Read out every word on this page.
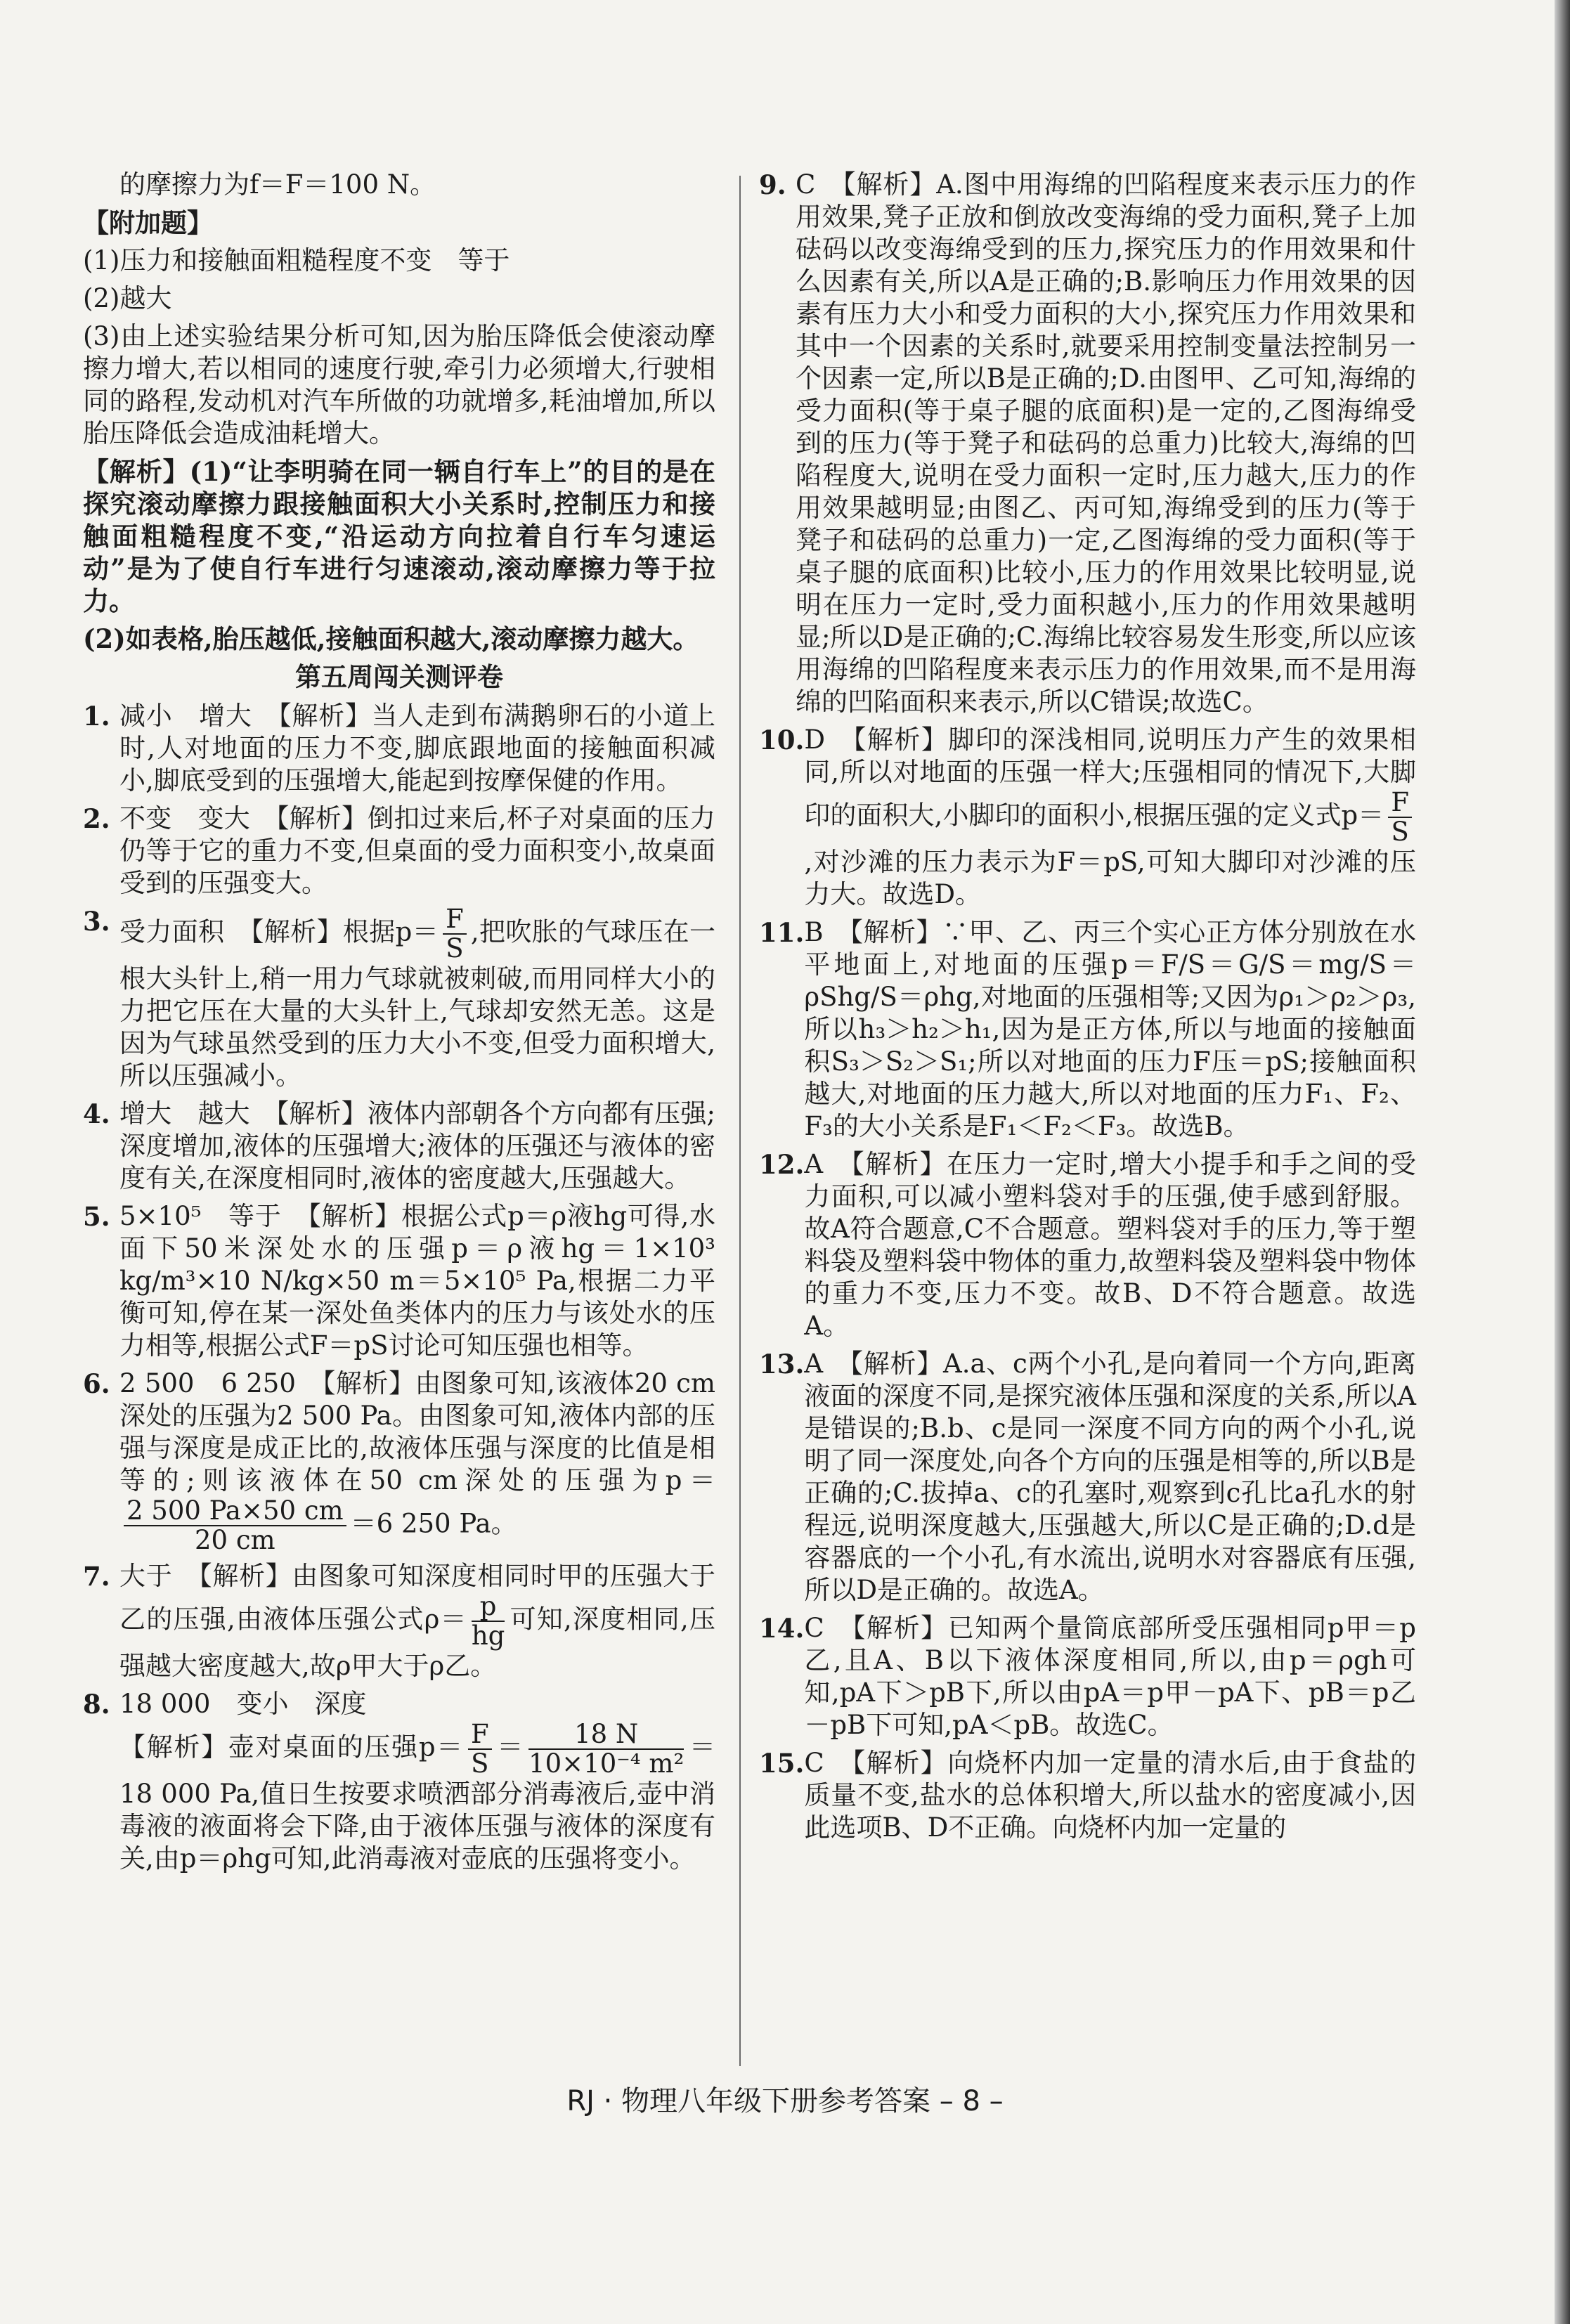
的摩擦力为f＝F＝100 N。
【附加题】
(1)压力和接触面粗糙程度不变　等于
(2)越大
(3)由上述实验结果分析可知,因为胎压降低会使滚动摩擦力增大,若以相同的速度行驶,牵引力必须增大,行驶相同的路程,发动机对汽车所做的功就增多,耗油增加,所以胎压降低会造成油耗增大。
【解析】(1)“让李明骑在同一辆自行车上”的目的是在探究滚动摩擦力跟接触面积大小关系时,控制压力和接触面粗糙程度不变,“沿运动方向拉着自行车匀速运动”是为了使自行车进行匀速滚动,滚动摩擦力等于拉力。
(2)如表格,胎压越低,接触面积越大,滚动摩擦力越大。
第五周闯关测评卷
1. 减小　增大　【解析】当人走到布满鹅卵石的小道上时,人对地面的压力不变,脚底跟地面的接触面积减小,脚底受到的压强增大,能起到按摩保健的作用。
2. 不变　变大　【解析】倒扣过来后,杯子对桌面的压力仍等于它的重力不变,但桌面的受力面积变小,故桌面受到的压强变大。
3. 受力面积　【解析】根据$p= \frac{F}{S}$ ,把吹胀的气球压在一根大头针上,稍一用力气球就被刺破,而用同样大小的力把它压在大量的大头针上,气球却安然无恙。这是因为气球虽然受到的压力大小不变,但受力面积增大,所以压强减小。
4. 增大　越大　【解析】液体内部朝各个方向都有压强;深度增加,液体的压强增大;液体的压强还与液体的密度有关,在深度相同时,液体的密度越大,压强越大。
5. 5×10⁵　等于　【解析】根据公式p＝ρ液hg可得,水面下50米深处水的压强p＝ρ液hg＝1×10³ kg/m³×10 N/kg×50 m＝5×10⁵ Pa,根据二力平衡可知,停在某一深处鱼类体内的压力与该处水的压力相等,根据公式F＝pS讨论可知压强也相等。
6. 2 500　6 250　【解析】由图象可知,该液体20 cm深处的压强为2 500 Pa。由图象可知,液体内部的压强与深度是成正比的,故液体压强与深度的比值是相等的;则该液体在50 cm深处的压强为p＝
$\frac{2 500 Pa\times 50 cm}{20 cm} =6$ 250 Pa。
7. 大于　【解析】由图象可知深度相同时甲的压强大于乙的压强,由液体压强公式$\rho= \frac{p}{hg}$ 可知,深度相同,压强越大密度越大,故ρ甲大于ρ乙。
8. 18 000　变小　深度
【解析】壶对桌面的压强$p= \frac{F}{S} = \frac{18 N}{\text{10×10⁻⁴ m²}} =18$ 000 Pa,值日生按要求喷洒部分消毒液后,壶中消毒液的液面将会下降,由于液体压强与液体的深度有关,由p＝ρhg可知,此消毒液对壶底的压强将变小。
9. C　【解析】A.图中用海绵的凹陷程度来表示压力的作用效果,凳子正放和倒放改变海绵的受力面积,凳子上加砝码以改变海绵受到的压力,探究压力的作用效果和什么因素有关,所以A是正确的;B.影响压力作用效果的因素有压力大小和受力面积的大小,探究压力作用效果和其中一个因素的关系时,就要采用控制变量法控制另一个因素一定,所以B是正确的;D.由图甲、乙可知,海绵的受力面积(等于桌子腿的底面积)是一定的,乙图海绵受到的压力(等于凳子和砝码的总重力)比较大,海绵的凹陷程度大,说明在受力面积一定时,压力越大,压力的作用效果越明显;由图乙、丙可知,海绵受到的压力(等于凳子和砝码的总重力)一定,乙图海绵的受力面积(等于桌子腿的底面积)比较小,压力的作用效果比较明显,说明在压力一定时,受力面积越小,压力的作用效果越明显;所以D是正确的;C.海绵比较容易发生形变,所以应该用海绵的凹陷程度来表示压力的作用效果,而不是用海绵的凹陷面积来表示,所以C错误;故选C。
10. D　【解析】脚印的深浅相同,说明压力产生的效果相同,所以对地面的压强一样大;压强相同的情况下,大脚印的面积大,小脚印的面积小,根据压强的定义式$p= \frac{F}{S}$
,对沙滩的压力表示为F＝pS,可知大脚印对沙滩的压力大。故选D。
11. B　【解析】∵甲、乙、丙三个实心正方体分别放在水平地面上,对地面的压强p＝F/S＝G/S＝mg/S＝ρShg/S＝ρhg,对地面的压强相等;又因为ρ₁＞ρ₂＞ρ₃,所以h₃＞h₂＞h₁,因为是正方体,所以与地面的接触面积S₃＞S₂＞S₁;所以对地面的压力F压＝pS;接触面积越大,对地面的压力越大,所以对地面的压力F₁、F₂、F₃的大小关系是F₁＜F₂＜F₃。故选B。
12. A　【解析】在压力一定时,增大小提手和手之间的受力面积,可以减小塑料袋对手的压强,使手感到舒服。故A符合题意,C不合题意。塑料袋对手的压力,等于塑料袋及塑料袋中物体的重力,故塑料袋及塑料袋中物体的重力不变,压力不变。故B、D不符合题意。故选A。
13. A　【解析】A.a、c两个小孔,是向着同一个方向,距离液面的深度不同,是探究液体压强和深度的关系,所以A是错误的;B.b、c是同一深度不同方向的两个小孔,说明了同一深度处,向各个方向的压强是相等的,所以B是正确的;C.拔掉a、c的孔塞时,观察到c孔比a孔水的射程远,说明深度越大,压强越大,所以C是正确的;D.d是容器底的一个小孔,有水流出,说明水对容器底有压强,所以D是正确的。故选A。
14. C　【解析】已知两个量筒底部所受压强相同p甲＝p乙,且A、B以下液体深度相同,所以,由p＝ρgh可知,pA下＞pB下,所以由pA＝p甲－pA下、pB＝p乙－pB下可知,pA＜pB。故选C。
15. C　【解析】向烧杯内加一定量的清水后,由于食盐的质量不变,盐水的总体积增大,所以盐水的密度减小,因此选项B、D不正确。向烧杯内加一定量的
RJ · 物理八年级下册参考答案 – 8 –
